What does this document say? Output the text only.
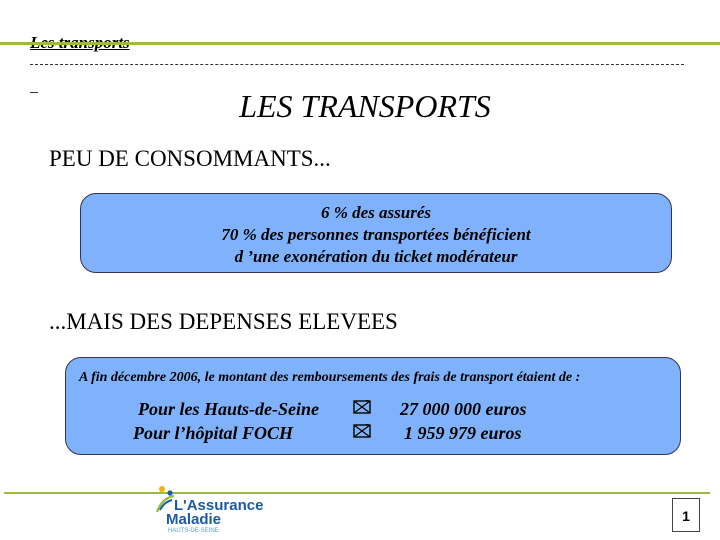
LES TRANSPORTS
PEU DE CONSOMMANTS...
6 % des assurés
70 % des personnes transportées bénéficient
d ’une exonération du ticket modérateur
...MAIS DES DEPENSES ELEVEES
A fin décembre 2006, le montant des remboursements des frais de transport étaient de :
Pour les Hauts-de-Seine	27 000 000 euros
Pour l’hôpital FOCH	1 959 979 euros
L'Assurance
Maladie
HAUTS-DE-SEINE
1
